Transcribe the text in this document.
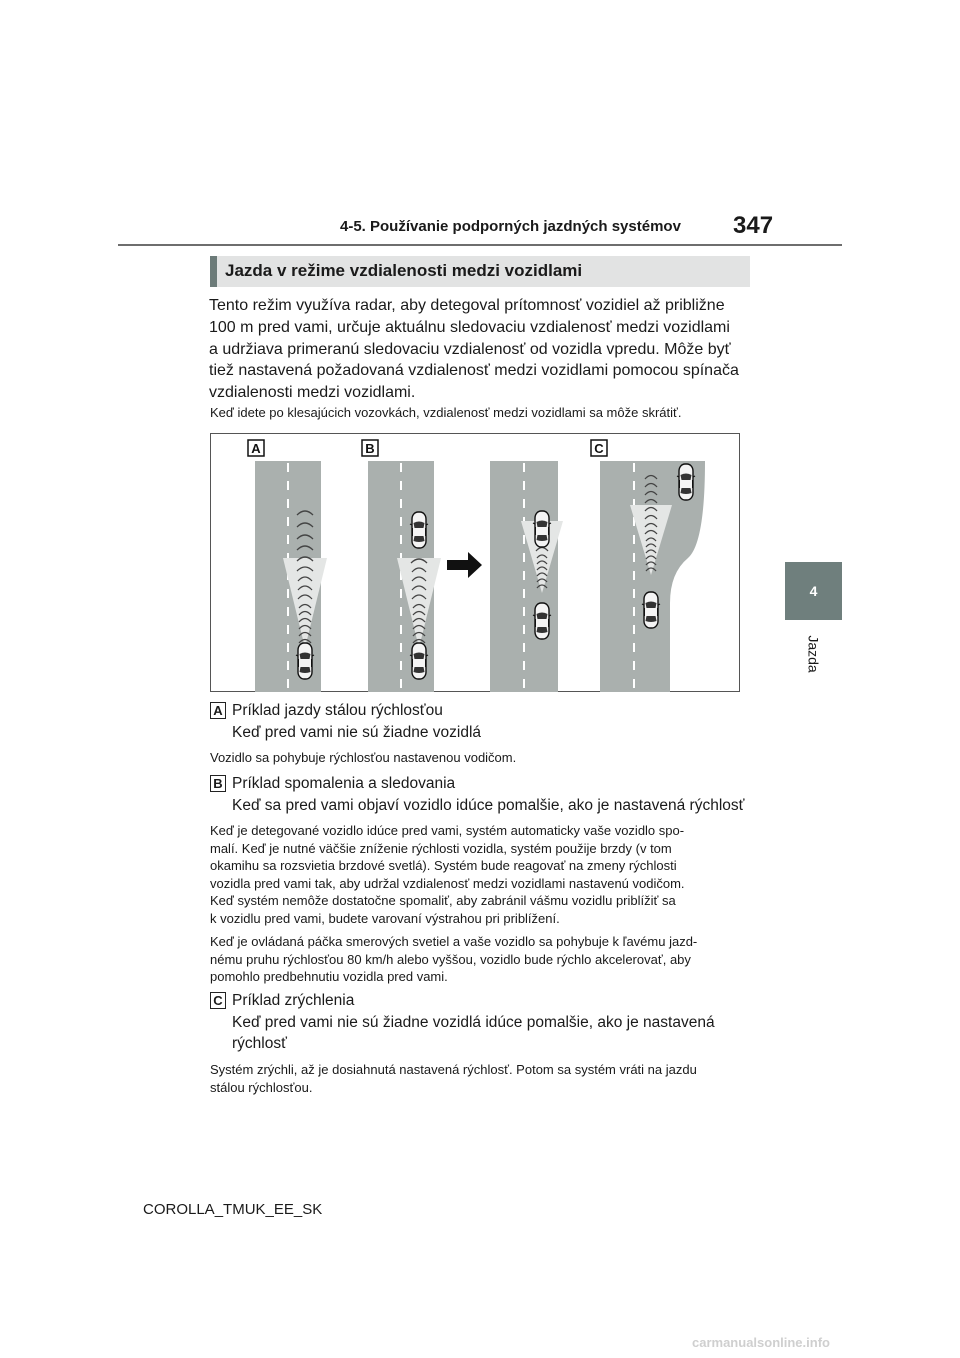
4-5. Používanie podporných jazdných systémov 347
4
Jazda
Jazda v režime vzdialenosti medzi vozidlami
Tento režim využíva radar, aby detegoval prítomnosť vozidiel až približne
100 m pred vami, určuje aktuálnu sledovaciu vzdialenosť medzi vozidlami
a udržiava primeranú sledovaciu vzdialenosť od vozidla vpredu. Môže byť
tiež nastavená požadovaná vzdialenosť medzi vozidlami pomocou spínača
vzdialenosti medzi vozidlami.
Keď idete po klesajúcich vozovkách, vzdialenosť medzi vozidlami sa môže skrátiť.
A	B	C
A Príklad jazdy stálou rýchlosťou
Keď pred vami nie sú žiadne vozidlá
Vozidlo sa pohybuje rýchlosťou nastavenou vodičom.
B Príklad spomalenia a sledovania
Keď sa pred vami objaví vozidlo idúce pomalšie, ako je nastavená rýchlosť
Keď je detegované vozidlo idúce pred vami, systém automaticky vaše vozidlo spo-
malí. Keď je nutné väčšie zníženie rýchlosti vozidla, systém použije brzdy (v tom
okamihu sa rozsvietia brzdové svetlá). Systém bude reagovať na zmeny rýchlosti
vozidla pred vami tak, aby udržal vzdialenosť medzi vozidlami nastavenú vodičom.
Keď systém nemôže dostatočne spomaliť, aby zabránil vášmu vozidlu priblížiť sa
k vozidlu pred vami, budete varovaní výstrahou pri priblížení.
Keď je ovládaná páčka smerových svetiel a vaše vozidlo sa pohybuje k ľavému jazd-
nému pruhu rýchlosťou 80 km/h alebo vyššou, vozidlo bude rýchlo akcelerovať, aby
pomohlo predbehnutiu vozidla pred vami.
C Príklad zrýchlenia
Keď pred vami nie sú žiadne vozidlá idúce pomalšie, ako je nastavená
rýchlosť
Systém zrýchli, až je dosiahnutá nastavená rýchlosť. Potom sa systém vráti na jazdu
stálou rýchlosťou.
COROLLA_TMUK_EE_SK
carmanualsonline.info
